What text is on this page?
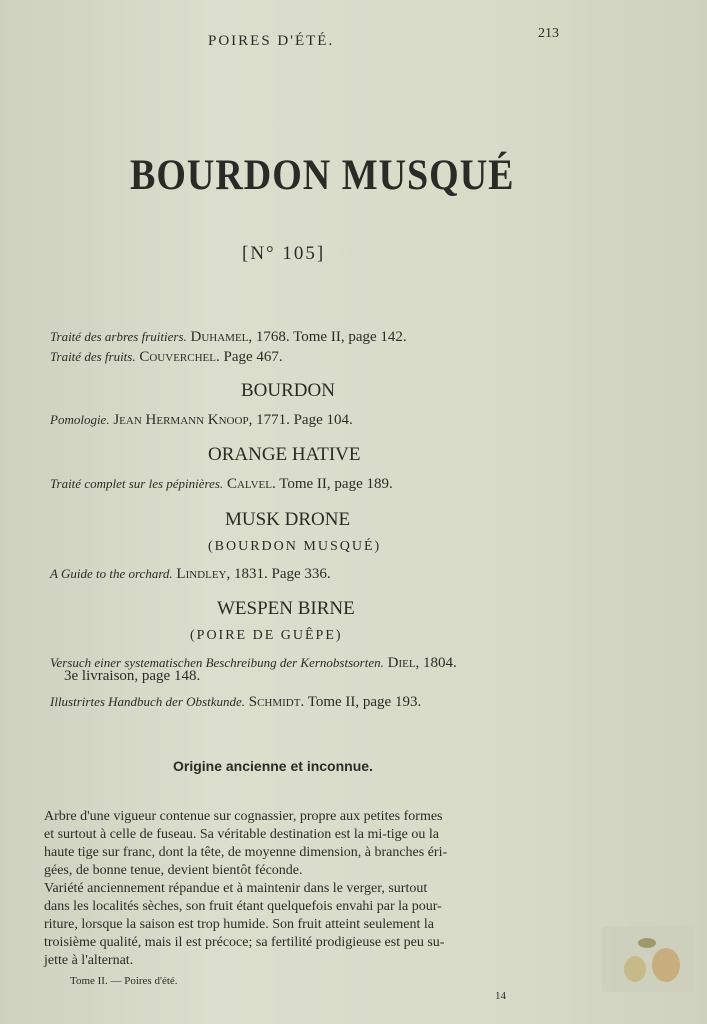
POIRES D'ÉTÉ.	213
BOURDON MUSQUÉ
[N° 105]
Traité des arbres fruitiers. Duhamel, 1768. Tome II, page 142.
Traité des fruits. Couverchel. Page 467.
BOURDON
Pomologie. Jean Hermann Knoop, 1771. Page 104.
ORANGE HATIVE
Traité complet sur les pépinières. Calvel. Tome II, page 189.
MUSK DRONE
(BOURDON MUSQUÉ)
A Guide to the orchard. Lindley, 1831. Page 336.
WESPEN BIRNE
(POIRE DE GUÊPE)
Versuch einer systematischen Beschreibung der Kernobstsorten. Diel, 1804.
3e livraison, page 148.
Illustrirtes Handbuch der Obstkunde. Schmidt. Tome II, page 193.
Origine ancienne et inconnue.
Arbre d'une vigueur contenue sur cognassier, propre aux petites formes
et surtout à celle de fuseau. Sa véritable destination est la mi-tige ou la
haute tige sur franc, dont la tête, de moyenne dimension, à branches éri-
gées, de bonne tenue, devient bientôt féconde.
Variété anciennement répandue et à maintenir dans le verger, surtout
dans les localités sèches, son fruit étant quelquefois envahi par la pour-
riture, lorsque la saison est trop humide. Son fruit atteint seulement la
troisième qualité, mais il est précoce; sa fertilité prodigieuse est peu su-
jette à l'alternat.
Tome II. — Poires d'été.
14
